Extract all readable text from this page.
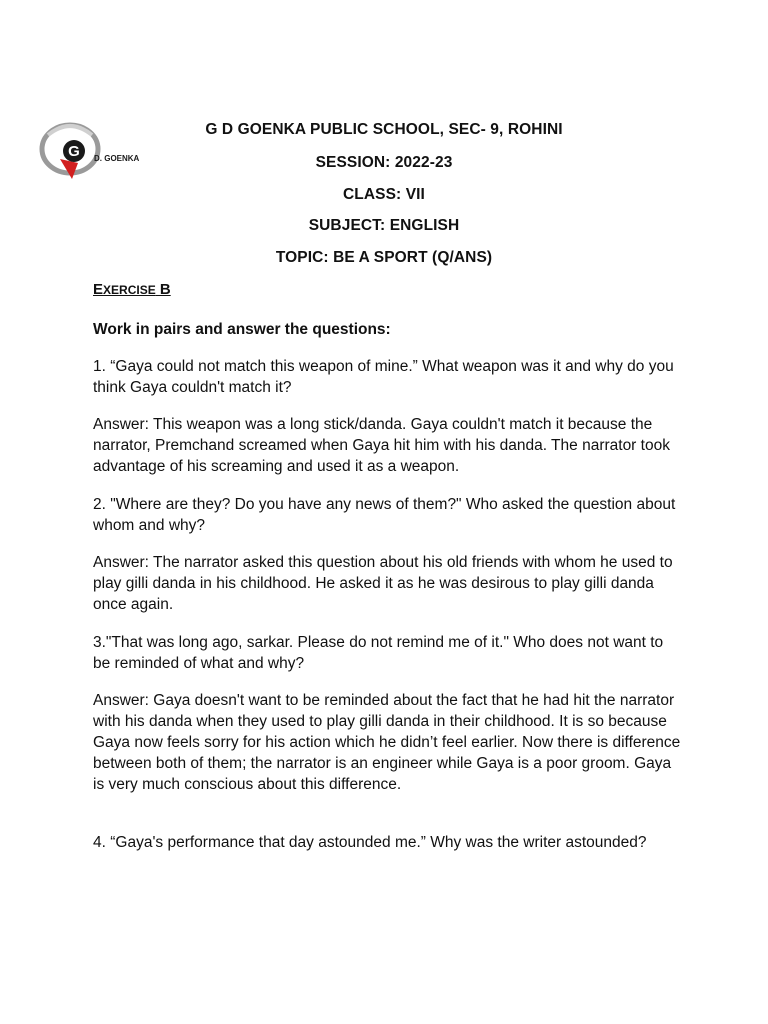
G D. GOENKA
G D GOENKA PUBLIC SCHOOL, SEC- 9, ROHINI
SESSION: 2022-23
CLASS: VII
SUBJECT: ENGLISH
TOPIC: BE A SPORT (Q/ANS)
EXERCISE B
Work in pairs and answer the questions:
1. “Gaya could not match this weapon of mine.” What weapon was it and why do you think Gaya couldn't match it?
Answer: This weapon was a long stick/danda. Gaya couldn't match it because the narrator, Premchand screamed when Gaya hit him with his danda. The narrator took advantage of his screaming and used it as a weapon.
2. "Where are they? Do you have any news of them?" Who asked the question about whom and why?
Answer: The narrator asked this question about his old friends with whom he used to play gilli danda in his childhood. He asked it as he was desirous to play gilli danda once again.
3."That was long ago, sarkar. Please do not remind me of it." Who does not want to be reminded of what and why?
Answer: Gaya doesn't want to be reminded about the fact that he had hit the narrator with his danda when they used to play gilli danda in their childhood. It is so because Gaya now feels sorry for his action which he didn’t feel earlier. Now there is difference between both of them; the narrator is an engineer while Gaya is a poor groom. Gaya is very much conscious about this difference.
4. “Gaya's performance that day astounded me.” Why was the writer astounded?
